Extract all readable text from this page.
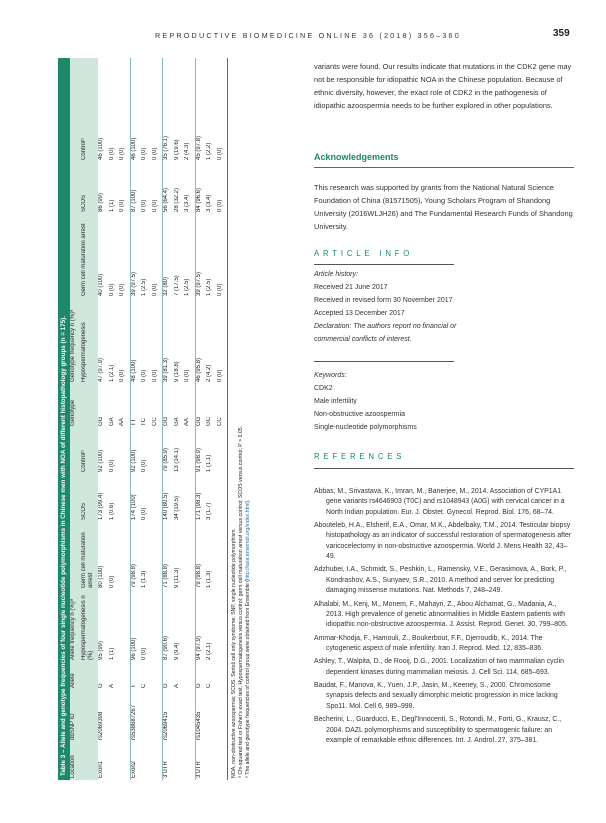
REPRODUCTIVE BIOMEDICINE ONLINE 36 (2018) 356–360	359
Table 3 – Allele and genotype frequencies of four single nucleotide polymorphisms in Chinese men with NOA of different histopathology groups (n = 175). Location	dbSNP ID	Allele	Allele frequency n (%)ᵃ				Genotype	Genotype frequency n (%)ᵃ			
			Hypospermatogenesis n (%)	Germ cell maturation arrest	SCOS	Controlᵇ		Hypospermatogenesis	Germ cell maturation arrest	SCOS	Controlᵇ
Exon1	rs2069398	G	95 (99)	80 (100)	173 (99.4)	92 (100)	GG	47 (97.9)	40 (100)	86 (99)	46 (100)
		A	1 (1)	0 (0)	1 (0.6)	0 (0)	GA	1 (2.1)	0 (0)	1 (1)	0 (0)
							AA	0 (0)	0 (0)	0 (0)	0 (0)
Exon2	rs538687267	T	96 (100)	79 (98.8)	174 (100)	92 (100)	TT	48 (100)	39 (97.5)	87 (100)	46 (100)
		C	0 (0)	1 (1.3)	0 (0)	0 (0)	TC	0 (0)	1 (2.5)	0 (0)	0 (0)
							CC	0 (0)	0 (0)	0 (0)	0 (0)
3'UTR	rs2069415	G	87 (90.6)	71 (88.8)	140 (80.5)	79 (85.9)	GG	39 (81.3)	32 (80)	56 (64.4)	35 (76.1)
		A	9 (9.4)	9 (11.3)	34 (19.5)	13 (14.1)	GA	9 (18.8)	7 (17.5)	28 (32.2)	9 (19.6)
							AA	0 (0)	1 (2.5)	3 (3.4)	2 (4.3)
3'UTR	rs1045435	G	94 (97.9)	79 (98.8)	171 (98.3)	91 (98.9)	GG	46 (95.8)	39 (97.5)	84 (96.6)	45 (97.8)
		C	2 (2.1)	1 (1.3)	3 (1.7)	1 (1.1)	GC	2 (4.2)	1 (2.5)	3 (3.4)	1 (2.2)
							CC	0 (0)	0 (0)	0 (0)	0 (0)
NOA, non-obstructive azoospermia; SCOS, Sertoli cell only syndrome; SNP, single nucleotide polymorphism. ᵃ Chi-squared test or Fisher's exact test. Hypospermatogenesis versus control; germ cell maturation arrest versus control; SCOS versus control; P > 0.05. ᵇ The allele and genotype frequencies of control group were obtained from Ensemble (http://asia.ensembl.org/index.html).
variants were found. Our results indicate that mutations in the CDK2 gene may not be responsible for idiopathic NOA in the Chinese population. Because of ethnic diversity, however, the exact role of CDK2 in the pathogenesis of idiopathic azoospermia needs to be further explored in other populations.
Acknowledgements
This research was supported by grants from the National Natural Science Foundation of China (81571505), Young Scholars Program of Shandong University (2016WLJH26) and The Fundamental Research Funds of Shandong University.
ARTICLE INFO
Article history:
Received 21 June 2017
Received in revised form 30 November 2017
Accepted 13 December 2017
Declaration: The authors report no financial or commercial conflicts of interest.
Keywords:
CDK2
Male infertility
Non-obstructive azoospermia
Single-nucleotide polymorphisms
REFERENCES
Abbas, M., Srivastava, K., Imran, M., Banerjee, M., 2014. Association of CYP1A1 gene variants rs4646903 (T0C) and rs1048943 (A0G) with cervical cancer in a North Indian population. Eur. J. Obstet. Gynecol. Reprod. Biol. 176, 68–74.
Abouteleb, H.A., Elsherif, E.A., Omar, M.K., Abdelbaky, T.M., 2014. Testicular biopsy histopathology as an indicator of successful restoration of spermatogenesis after varicocelectomy in non-obstructive azoospermia. World J. Mens Health 32, 43–49.
Adzhubei, I.A., Schmidt, S., Peshkin, L., Ramensky, V.E., Gerasimova, A., Bork, P., Kondrashov, A.S., Sunyaev, S.R., 2010. A method and server for predicting damaging missense mutations. Nat. Methods 7, 248–249.
Alhalabi, M., Kenj, M., Monem, F., Mahayri, Z., Abou Alchamat, G., Madania, A., 2013. High prevalence of genetic abnormalities in Middle Eastern patients with idiopathic non-obstructive azoospermia. J. Assist. Reprod. Genet. 30, 799–805.
Ammar-Khodja, F., Hamouli, Z., Boukerbout, F.F., Djerroudib, K., 2014. The cytogenetic aspect of male infertility. Iran J. Reprod. Med. 12, 835–836.
Ashley, T., Walpita, D., de Rooij, D.G., 2001. Localization of two mammalian cyclin dependent kinases during mammalian meiosis. J. Cell Sci. 114, 685–693.
Baudat, F., Manova, K., Yuen, J.P., Jasin, M., Keeney, S., 2000. Chromosome synapsis defects and sexually dimorphic meiotic progression in mice lacking Spo11. Mol. Cell 6, 989–998.
Becherini, L., Guarducci, E., Degl'Innocenti, S., Rotondi, M., Forti, G., Krausz, C., 2004. DAZL polymorphisms and susceptibility to spermatogenic failure: an example of remarkable ethnic differences. Int. J. Androl. 27, 375–381.
